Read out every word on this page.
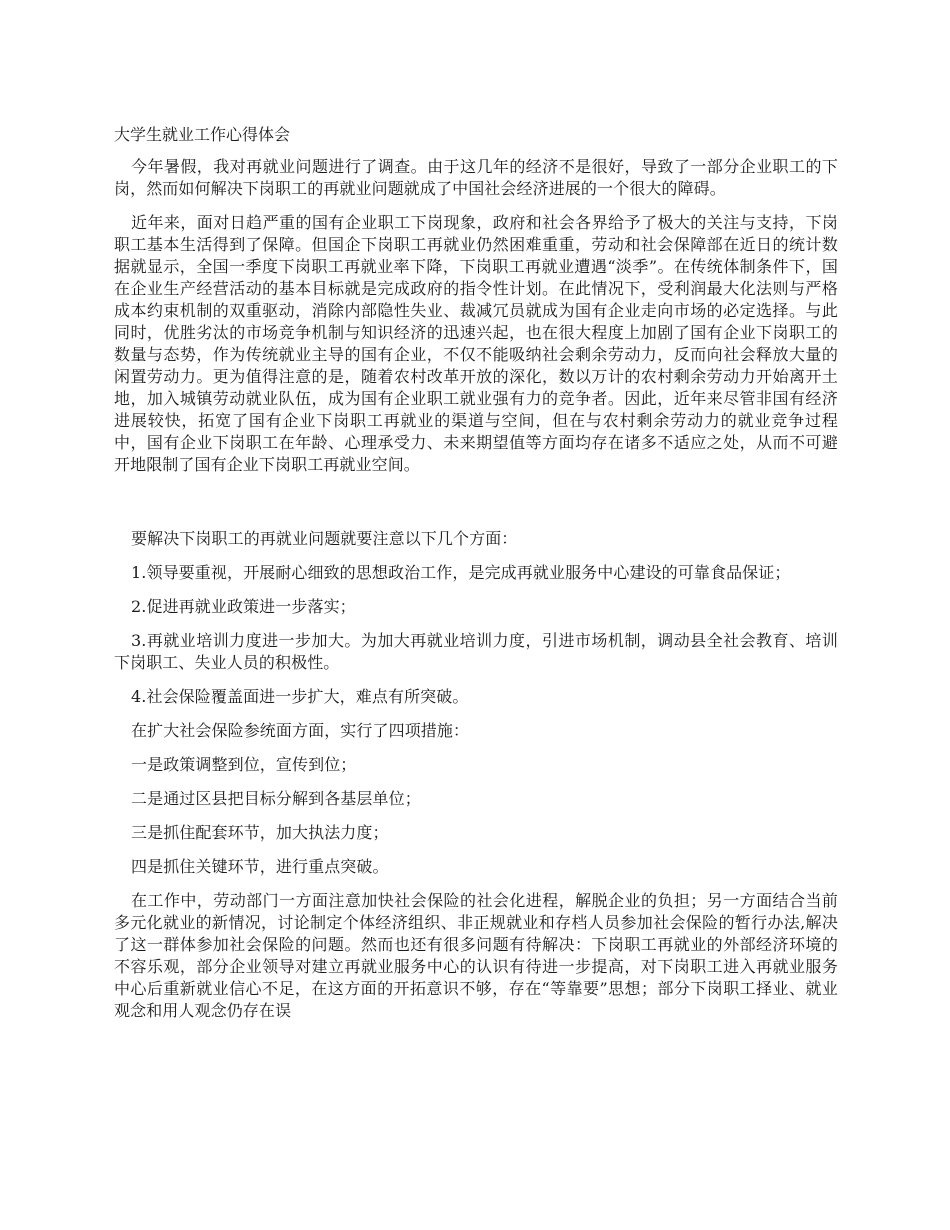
大学生就业工作心得体会

今年暑假，我对再就业问题进行了调查。由于这几年的经济不是很好，导致了一部分企业职工的下岗，然而如何解决下岗职工的再就业问题就成了中国社会经济进展的一个很大的障碍。

近年来，面对日趋严重的国有企业职工下岗现象，政府和社会各界给予了极大的关注与支持，下岗职工基本生活得到了保障。但国企下岗职工再就业仍然困难重重，劳动和社会保障部在近日的统计数据就显示，全国一季度下岗职工再就业率下降，下岗职工再就业遭遇“淡季”。在传统体制条件下，国在企业生产经营活动的基本目标就是完成政府的指令性计划。在此情况下，受利润最大化法则与严格成本约束机制的双重驱动，消除内部隐性失业、裁减冗员就成为国有企业走向市场的必定选择。与此同时，优胜劣汰的市场竞争机制与知识经济的迅速兴起，也在很大程度上加剧了国有企业下岗职工的数量与态势，作为传统就业主导的国有企业，不仅不能吸纳社会剩余劳动力，反而向社会释放大量的闲置劳动力。更为值得注意的是，随着农村改革开放的深化，数以万计的农村剩余劳动力开始离开土地，加入城镇劳动就业队伍，成为国有企业职工就业强有力的竞争者。因此，近年来尽管非国有经济进展较快，拓宽了国有企业下岗职工再就业的渠道与空间，但在与农村剩余劳动力的就业竞争过程中，国有企业下岗职工在年龄、心理承受力、未来期望值等方面均存在诸多不适应之处，从而不可避开地限制了国有企业下岗职工再就业空间。

要解决下岗职工的再就业问题就要注意以下几个方面：

1.领导要重视，开展耐心细致的思想政治工作，是完成再就业服务中心建设的可靠食品保证；

2.促进再就业政策进一步落实；

3.再就业培训力度进一步加大。为加大再就业培训力度，引进市场机制，调动县全社会教育、培训下岗职工、失业人员的积极性。

4.社会保险覆盖面进一步扩大，难点有所突破。

在扩大社会保险参统面方面，实行了四项措施：

一是政策调整到位，宣传到位；

二是通过区县把目标分解到各基层单位；

三是抓住配套环节，加大执法力度；

四是抓住关键环节，进行重点突破。

在工作中，劳动部门一方面注意加快社会保险的社会化进程，解脱企业的负担；另一方面结合当前多元化就业的新情况，讨论制定个体经济组织、非正规就业和存档人员参加社会保险的暂行办法,解决了这一群体参加社会保险的问题。然而也还有很多问题有待解决：下岗职工再就业的外部经济环境的不容乐观，部分企业领导对建立再就业服务中心的认识有待进一步提高，对下岗职工进入再就业服务中心后重新就业信心不足，在这方面的开拓意识不够，存在“等靠要”思想；部分下岗职工择业、就业观念和用人观念仍存在误
